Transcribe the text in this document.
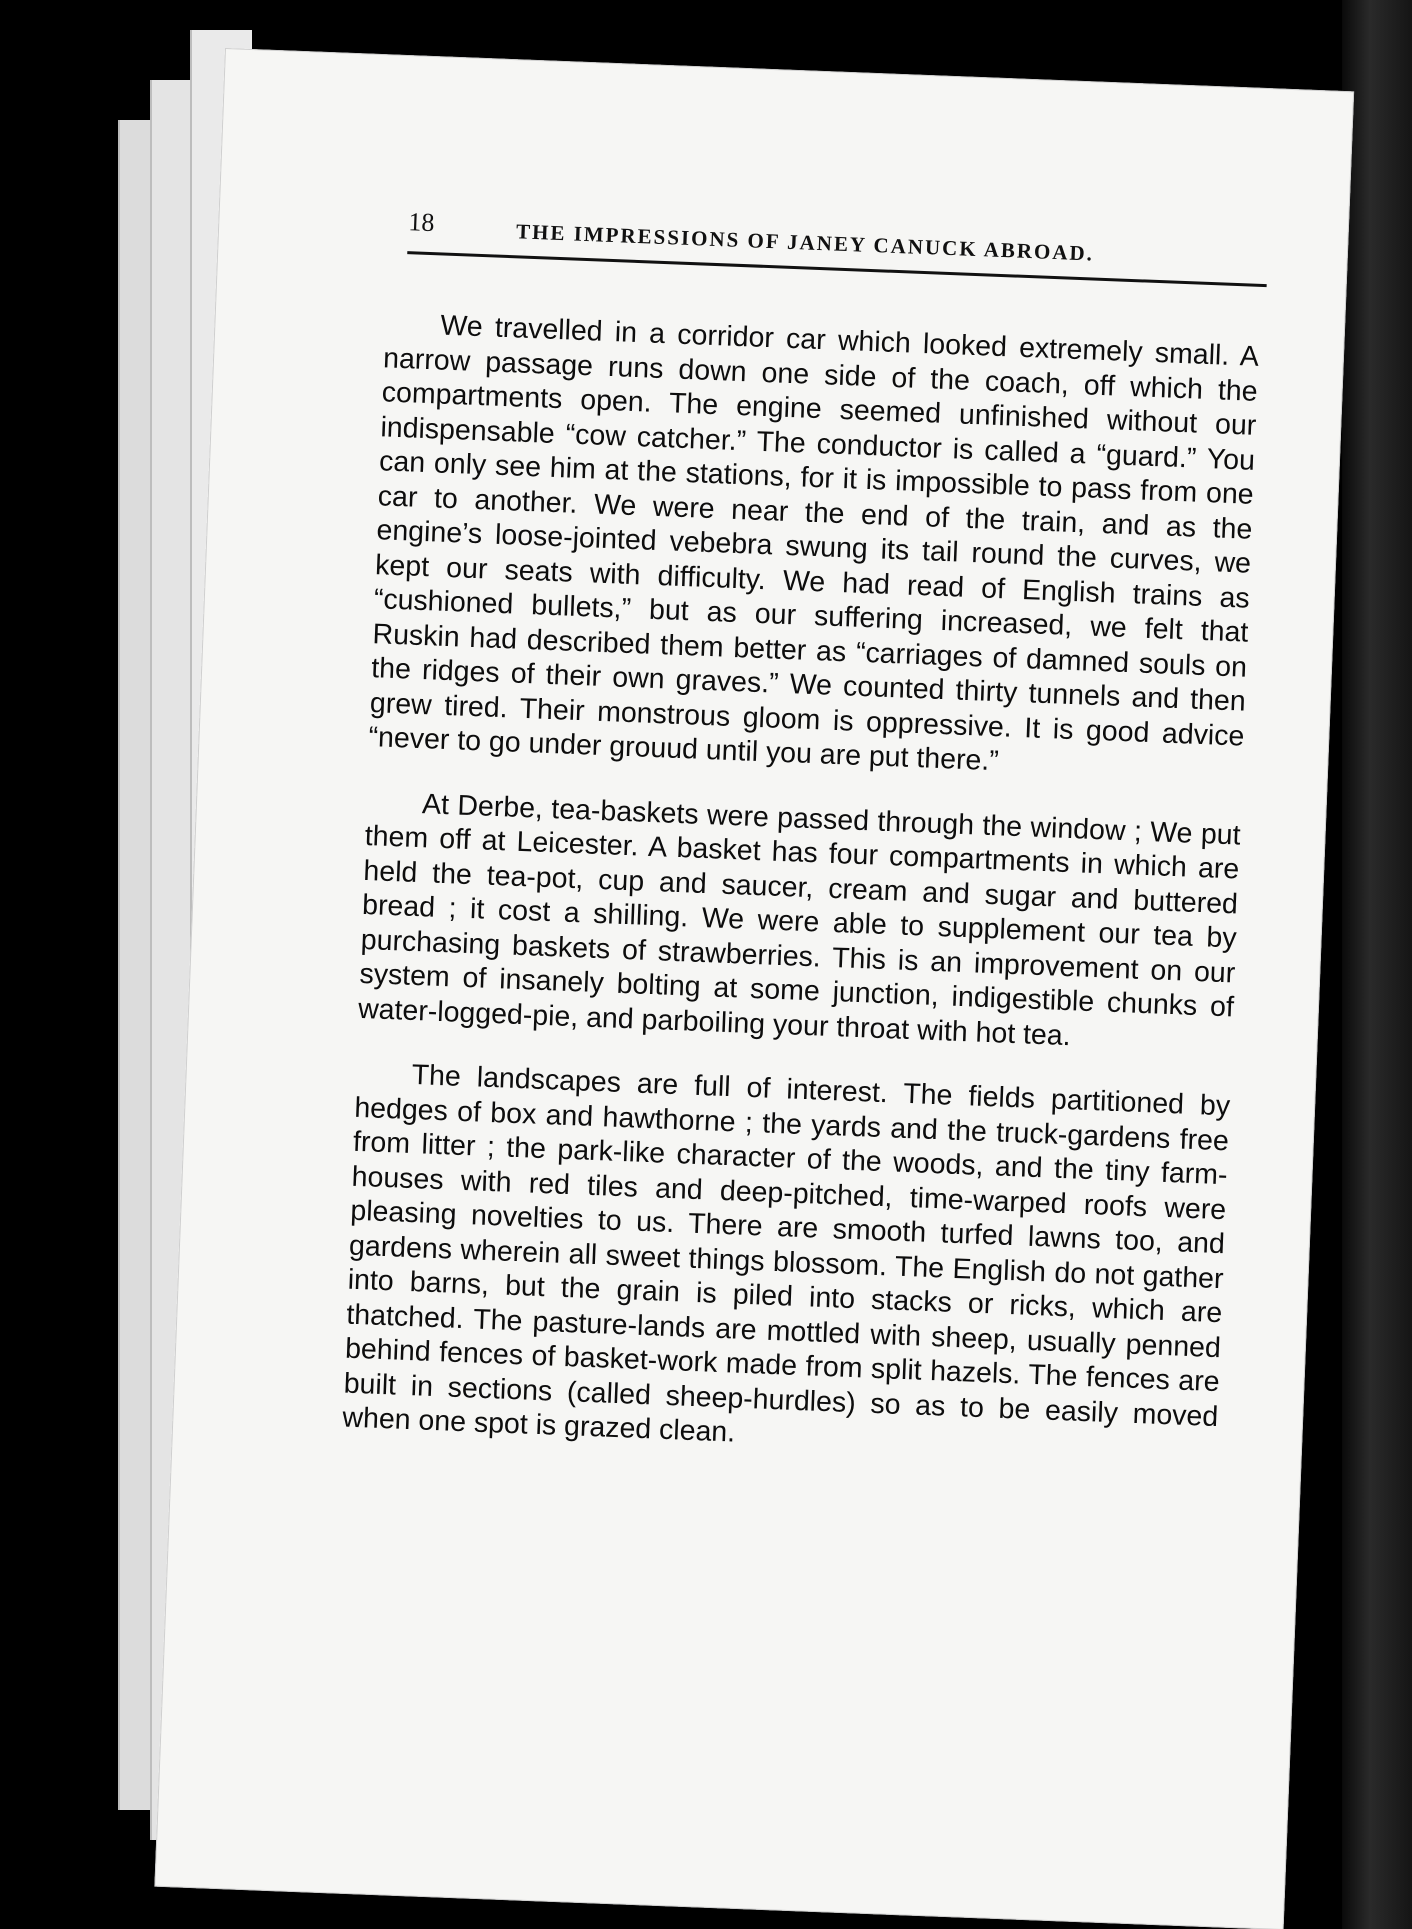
18	THE IMPRESSIONS OF JANEY CANUCK ABROAD.

We travelled in a corridor car which looked extremely small. A narrow passage runs down one side of the coach, off which the compartments open. The engine seemed unfinished without our indispensable “cow catcher.” The conductor is called a “guard.” You can only see him at the stations, for it is impossible to pass from one car to another. We were near the end of the train, and as the engine’s loose-jointed vebebra swung its tail round the curves, we kept our seats with difficulty. We had read of English trains as “cushioned bullets,” but as our suffering increased, we felt that Ruskin had described them better as “carriages of damned souls on the ridges of their own graves.” We counted thirty tunnels and then grew tired. Their monstrous gloom is oppressive. It is good advice “never to go under grouud until you are put there.”

At Derbe, tea-baskets were passed through the window ; We put them off at Leicester. A basket has four compartments in which are held the tea-pot, cup and saucer, cream and sugar and buttered bread ; it cost a shilling. We were able to supplement our tea by purchasing baskets of strawberries. This is an improvement on our system of insanely bolting at some junction, indigestible chunks of water-logged-pie, and parboiling your throat with hot tea.

The landscapes are full of interest. The fields partitioned by hedges of box and hawthorne ; the yards and the truck-gardens free from litter ; the park-like character of the woods, and the tiny farm-houses with red tiles and deep-pitched, time-warped roofs were pleasing novelties to us. There are smooth turfed lawns too, and gardens wherein all sweet things blossom. The English do not gather into barns, but the grain is piled into stacks or ricks, which are thatched. The pasture-lands are mottled with sheep, usually penned behind fences of basket-work made from split hazels. The fences are built in sections (called sheep-hurdles) so as to be easily moved when one spot is grazed clean.
